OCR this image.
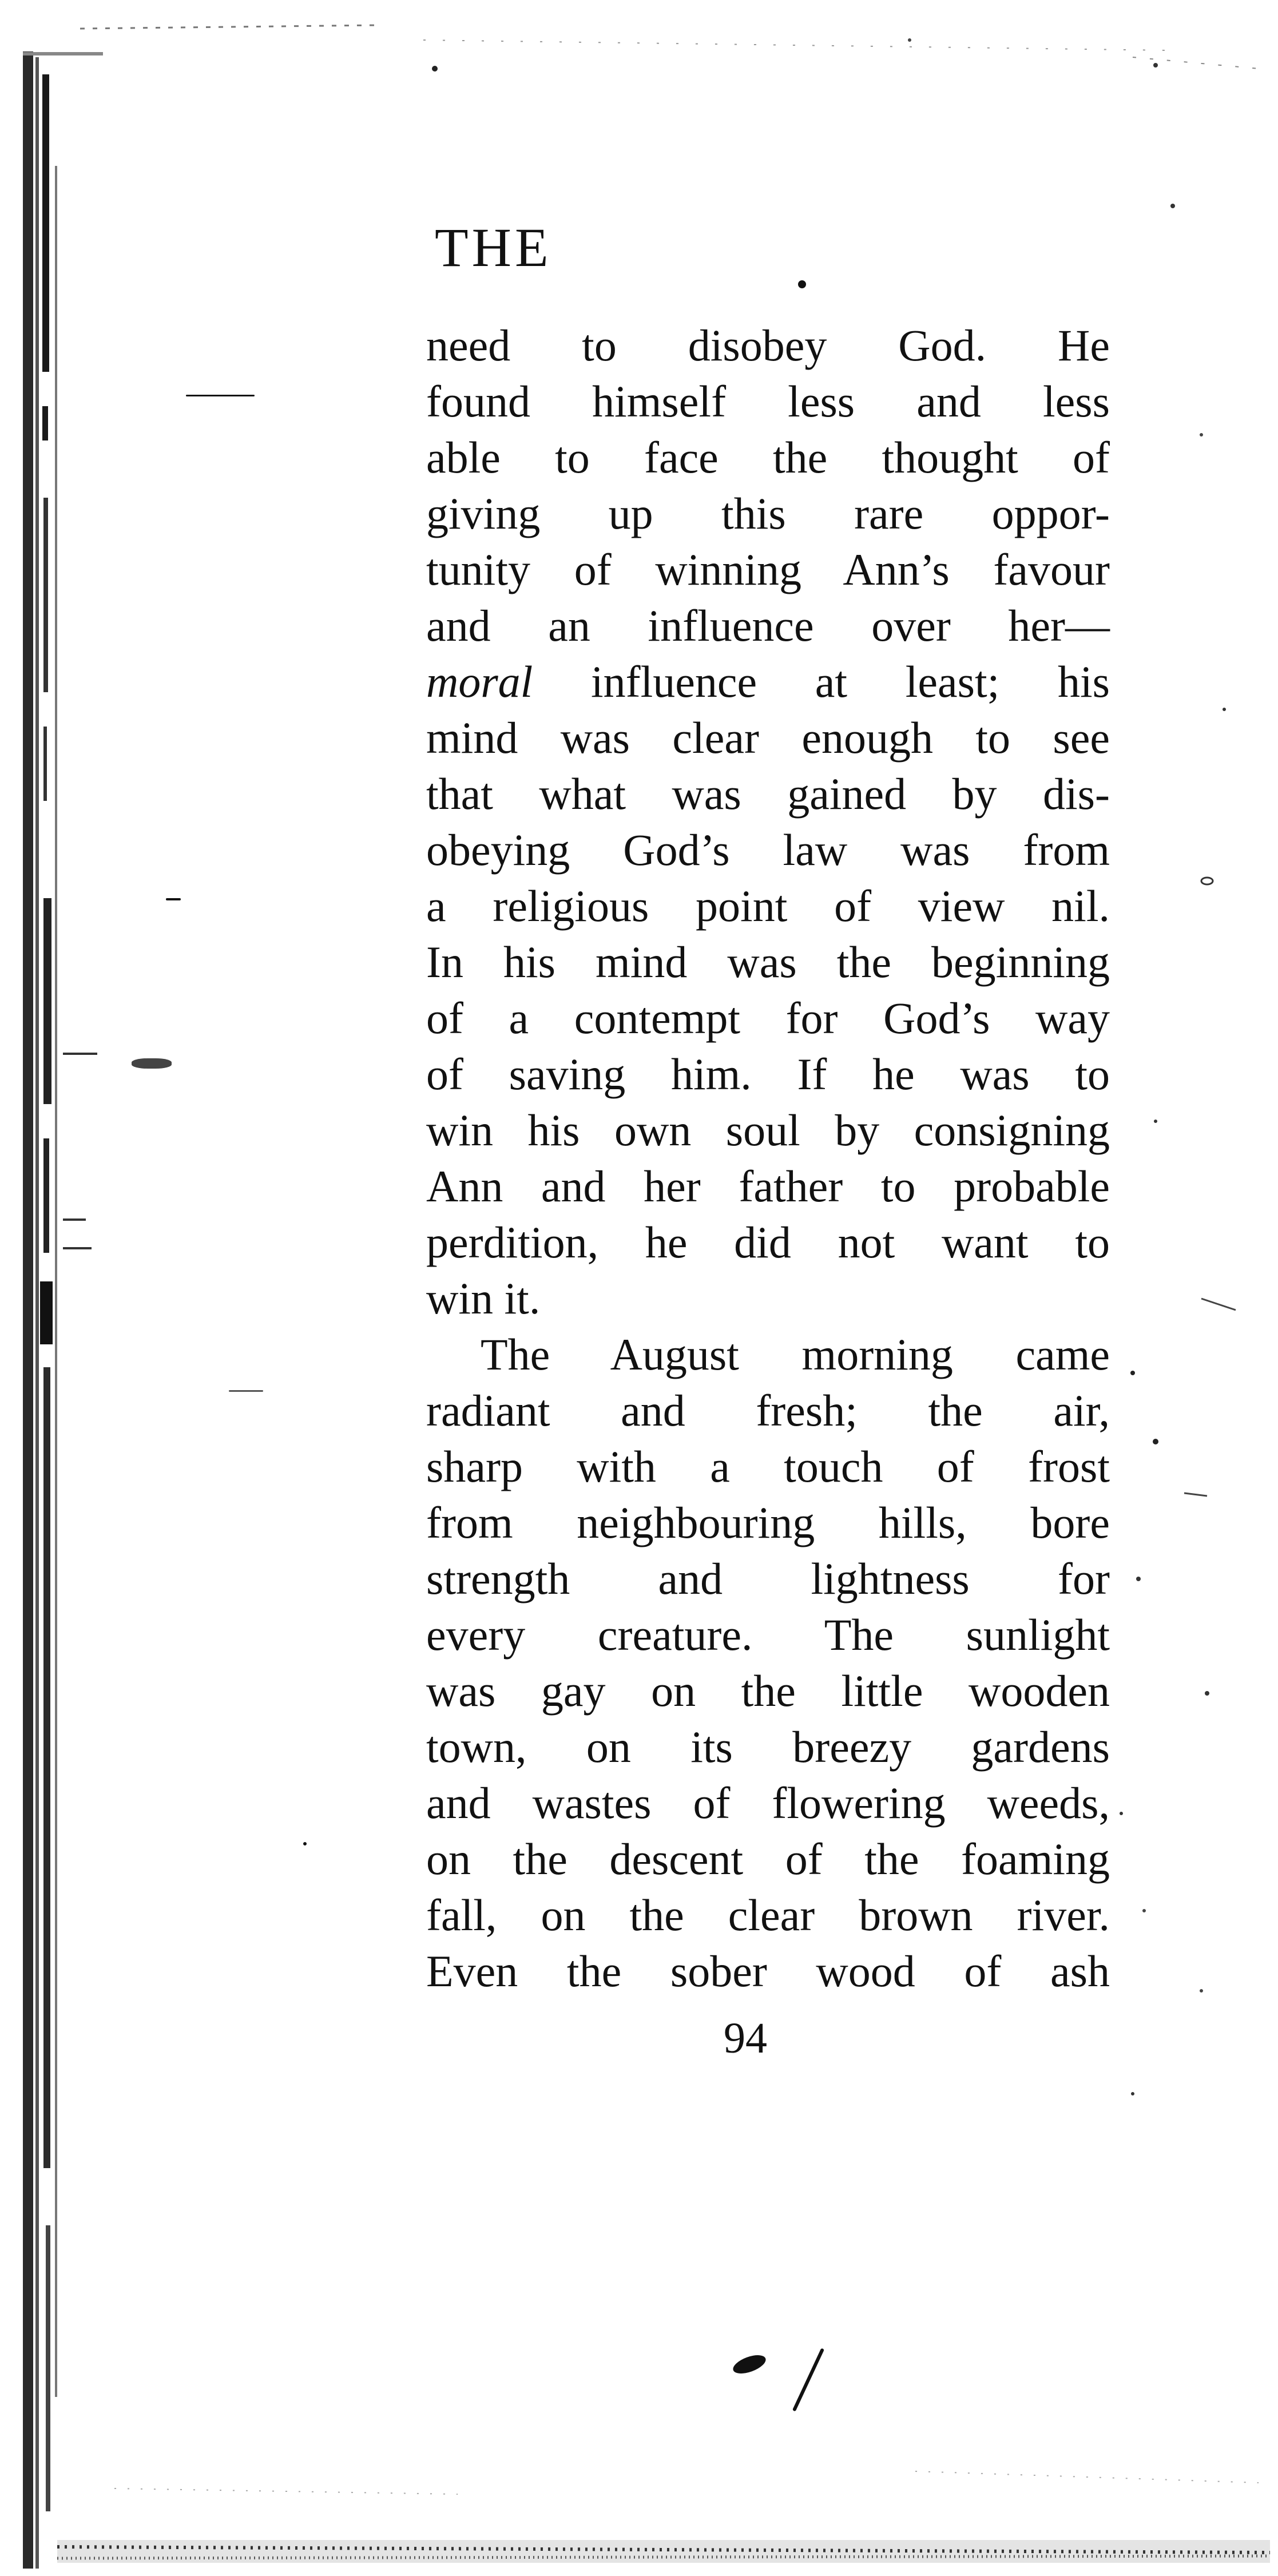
THE
need to disobey God. He
found himself less and less
able to face the thought of
giving up this rare oppor-
tunity of winning Ann’s favour
and an influence over her—
moral influence at least; his
mind was clear enough to see
that what was gained by dis-
obeying God’s law was from
a religious point of view nil.
In his mind was the beginning
of a contempt for God’s way
of saving him. If he was to
win his own soul by consigning
Ann and her father to probable
perdition, he did not want to
win it.
The August morning came
radiant and fresh; the air,
sharp with a touch of frost
from neighbouring hills, bore
strength and lightness for
every creature. The sunlight
was gay on the little wooden
town, on its breezy gardens
and wastes of flowering weeds,
on the descent of the foaming
fall, on the clear brown river.
Even the sober wood of ash
94
